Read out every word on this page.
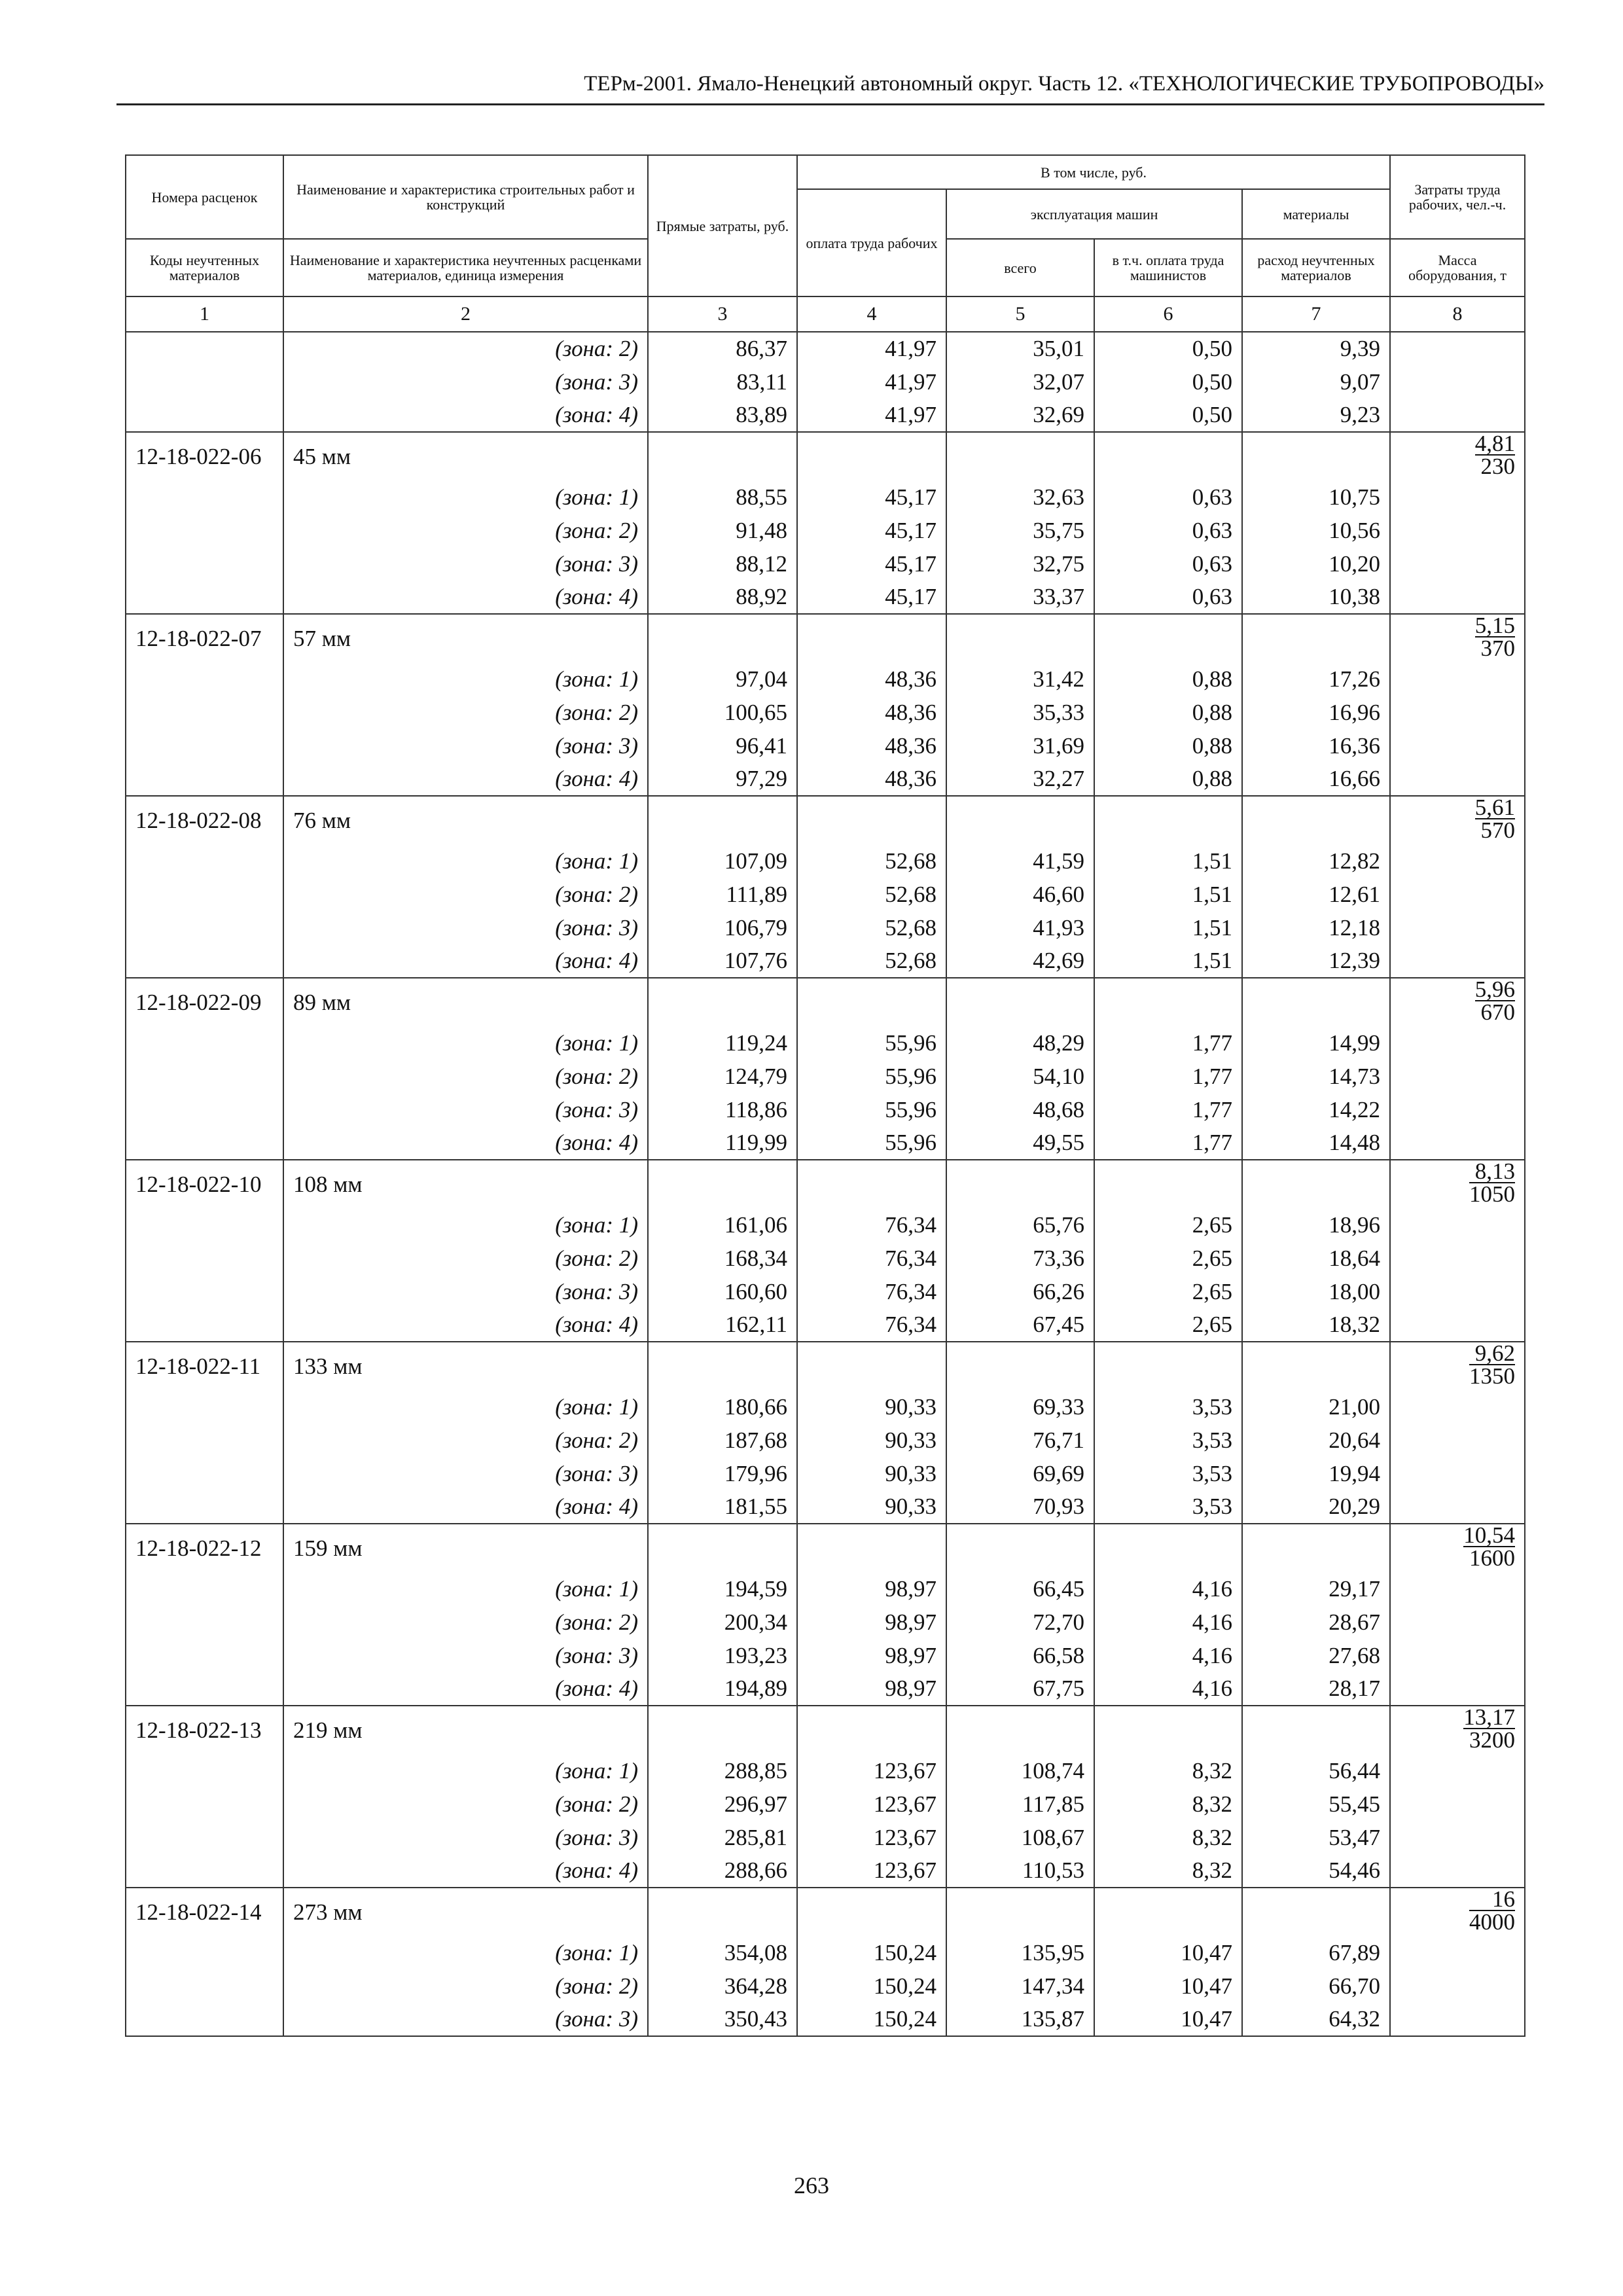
ТЕРм-2001. Ямало-Ненецкий автономный округ. Часть 12. «ТЕХНОЛОГИЧЕСКИЕ ТРУБОПРОВОДЫ»
Номера расценок	Наименование и характеристика строительных работ и конструкций	Прямые затраты, руб.	В том числе, руб.				Затраты труда рабочих, чел.-ч.
			оплата труда рабочих	эксплуатация машин		материалы	
Коды неучтенных материалов	Наименование и характеристика неучтенных расценками материалов, единица измерения			всего	в т.ч. оплата труда машинистов	расход неучтенных материалов	Масса оборудования, т
1	2	3	4	5	6	7	8
	(зона: 2)	86,37	41,97	35,01	0,50	9,39	
	(зона: 3)	83,11	41,97	32,07	0,50	9,07	
	(зона: 4)	83,89	41,97	32,69	0,50	9,23	
12-18-022-06	45 мм						$\frac{4,81}{230}$

	(зона: 1)	88,55	45,17	32,63	0,63	10,75	
	(зона: 2)	91,48	45,17	35,75	0,63	10,56	
	(зона: 3)	88,12	45,17	32,75	0,63	10,20	
	(зона: 4)	88,92	45,17	33,37	0,63	10,38	
12-18-022-07	57 мм						$\frac{5,15}{370}$

	(зона: 1)	97,04	48,36	31,42	0,88	17,26	
	(зона: 2)	100,65	48,36	35,33	0,88	16,96	
	(зона: 3)	96,41	48,36	31,69	0,88	16,36	
	(зона: 4)	97,29	48,36	32,27	0,88	16,66	
12-18-022-08	76 мм						$\frac{5,61}{570}$

	(зона: 1)	107,09	52,68	41,59	1,51	12,82	
	(зона: 2)	111,89	52,68	46,60	1,51	12,61	
	(зона: 3)	106,79	52,68	41,93	1,51	12,18	
	(зона: 4)	107,76	52,68	42,69	1,51	12,39	
12-18-022-09	89 мм						$\frac{5,96}{670}$

	(зона: 1)	119,24	55,96	48,29	1,77	14,99	
	(зона: 2)	124,79	55,96	54,10	1,77	14,73	
	(зона: 3)	118,86	55,96	48,68	1,77	14,22	
	(зона: 4)	119,99	55,96	49,55	1,77	14,48	
12-18-022-10	108 мм						$\frac{8,13}{1050}$

	(зона: 1)	161,06	76,34	65,76	2,65	18,96	
	(зона: 2)	168,34	76,34	73,36	2,65	18,64	
	(зона: 3)	160,60	76,34	66,26	2,65	18,00	
	(зона: 4)	162,11	76,34	67,45	2,65	18,32	
12-18-022-11	133 мм						$\frac{9,62}{1350}$

	(зона: 1)	180,66	90,33	69,33	3,53	21,00	
	(зона: 2)	187,68	90,33	76,71	3,53	20,64	
	(зона: 3)	179,96	90,33	69,69	3,53	19,94	
	(зона: 4)	181,55	90,33	70,93	3,53	20,29	
12-18-022-12	159 мм						$\frac{10,54}{1600}$

	(зона: 1)	194,59	98,97	66,45	4,16	29,17	
	(зона: 2)	200,34	98,97	72,70	4,16	28,67	
	(зона: 3)	193,23	98,97	66,58	4,16	27,68	
	(зона: 4)	194,89	98,97	67,75	4,16	28,17	
12-18-022-13	219 мм						$\frac{13,17}{3200}$

	(зона: 1)	288,85	123,67	108,74	8,32	56,44	
	(зона: 2)	296,97	123,67	117,85	8,32	55,45	
	(зона: 3)	285,81	123,67	108,67	8,32	53,47	
	(зона: 4)	288,66	123,67	110,53	8,32	54,46	
12-18-022-14	273 мм						$\frac{16}{4000}$

	(зона: 1)	354,08	150,24	135,95	10,47	67,89	
	(зона: 2)	364,28	150,24	147,34	10,47	66,70	
	(зона: 3)	350,43	150,24	135,87	10,47	64,32	
263
